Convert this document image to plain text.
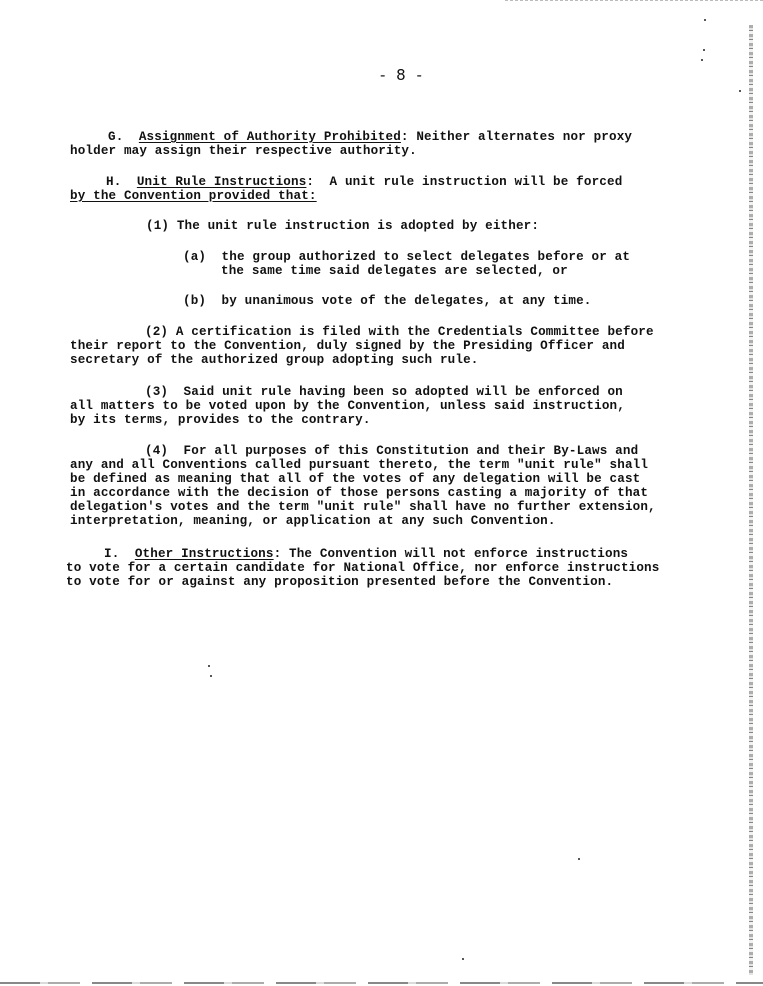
- 8 -
G. Assignment of Authority Prohibited: Neither alternates nor proxy
holder may assign their respective authority.
H. Unit Rule Instructions:  A unit rule instruction will be forced
by the Convention provided that:
(1) The unit rule instruction is adopted by either:
(a) the group authorized to select delegates before or at
the same time said delegates are selected, or
(b) by unanimous vote of the delegates, at any time.
(2) A certification is filed with the Credentials Committee before
their report to the Convention, duly signed by the Presiding Officer and
secretary of the authorized group adopting such rule.
(3) Said unit rule having been so adopted will be enforced on
all matters to be voted upon by the Convention, unless said instruction,
by its terms, provides to the contrary.
(4) For all purposes of this Constitution and their By-Laws and
any and all Conventions called pursuant thereto, the term "unit rule" shall
be defined as meaning that all of the votes of any delegation will be cast
in accordance with the decision of those persons casting a majority of that
delegation's votes and the term "unit rule" shall have no further extension,
interpretation, meaning, or application at any such Convention.
I. Other Instructions: The Convention will not enforce instructions
to vote for a certain candidate for National Office, nor enforce instructions
to vote for or against any proposition presented before the Convention.
